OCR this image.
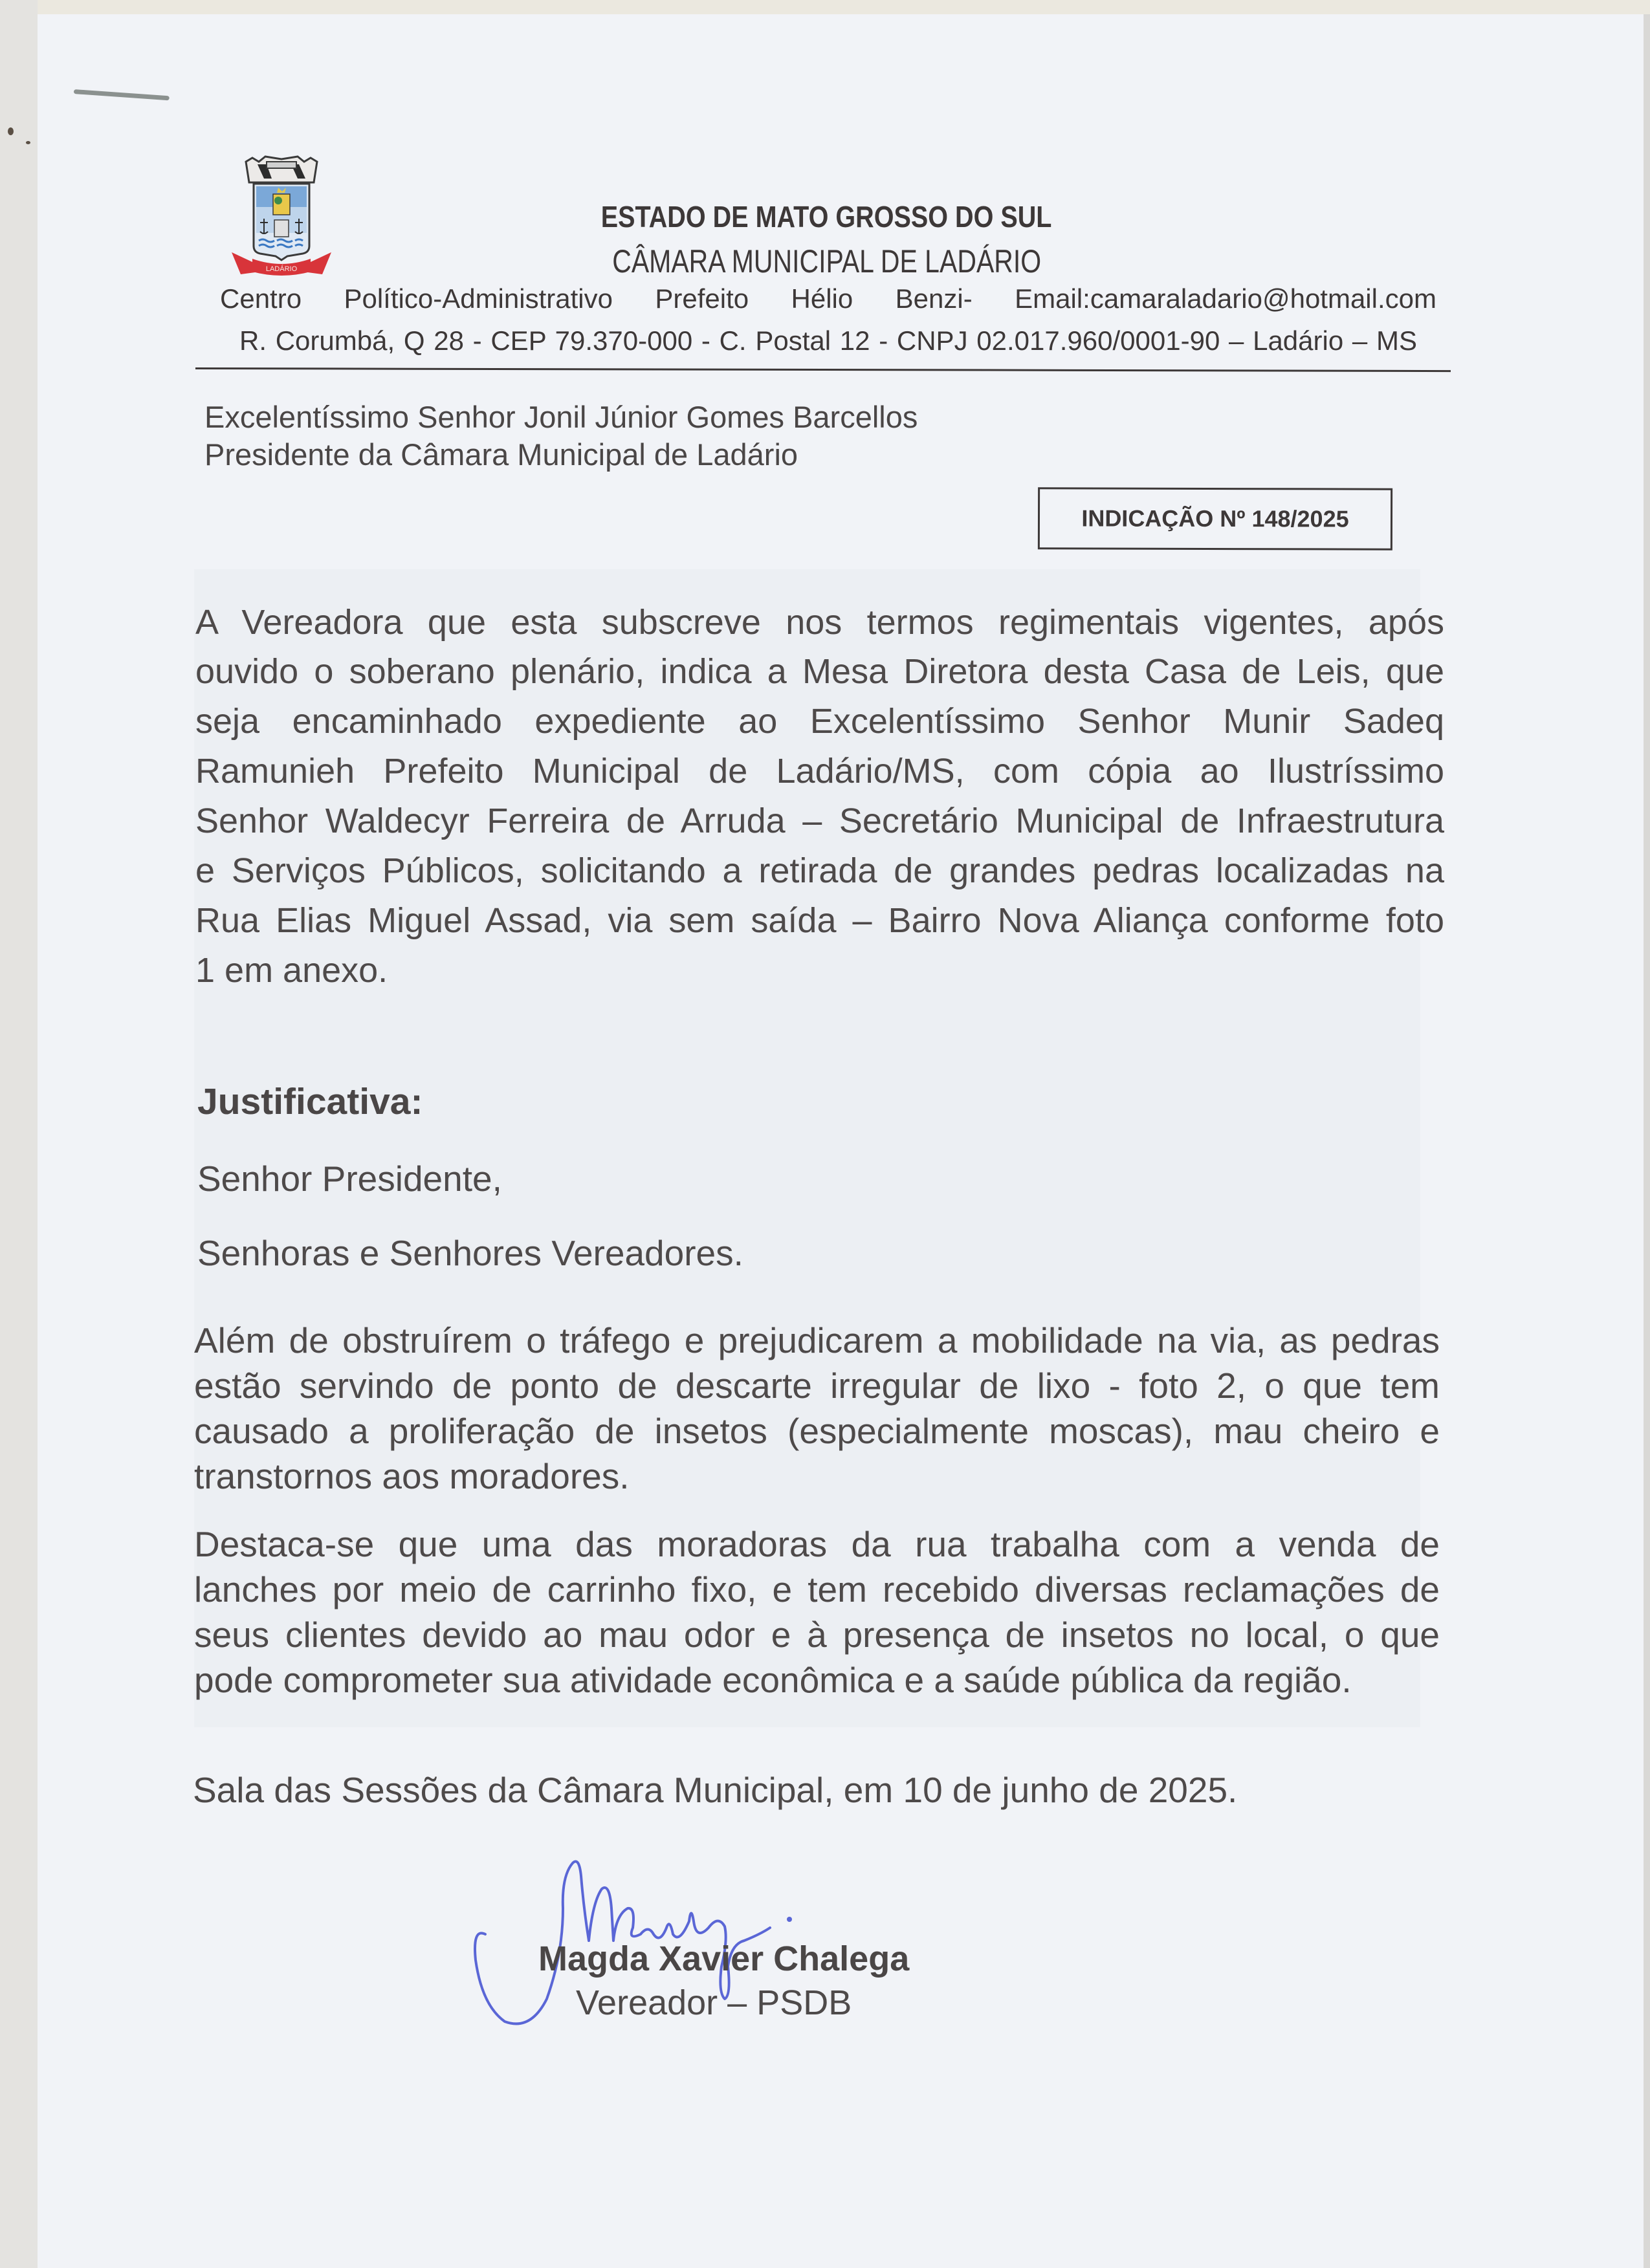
LADÁRIO
ESTADO DE MATO GROSSO DO SUL
CÂMARA MUNICIPAL DE LADÁRIO
Centro Político-Administrativo Prefeito Hélio Benzi- Email:camaraladario@hotmail.com
R. Corumbá, Q 28 - CEP 79.370-000 - C. Postal 12 - CNPJ 02.017.960/0001-90 – Ladário – MS
Excelentíssimo Senhor Jonil Júnior Gomes Barcellos
Presidente da Câmara Municipal de Ladário
INDICAÇÃO Nº 148/2025
A Vereadora que esta subscreve nos termos regimentais vigentes, após
ouvido o soberano plenário, indica a Mesa Diretora desta Casa de Leis, que
seja encaminhado expediente ao Excelentíssimo Senhor Munir Sadeq
Ramunieh Prefeito Municipal de Ladário/MS, com cópia ao Ilustríssimo
Senhor Waldecyr Ferreira de Arruda – Secretário Municipal de Infraestrutura
e Serviços Públicos, solicitando a retirada de grandes pedras localizadas na
Rua Elias Miguel Assad, via sem saída – Bairro Nova Aliança conforme foto
1 em anexo.
Justificativa:
Senhor Presidente,
Senhoras e Senhores Vereadores.
Além de obstruírem o tráfego e prejudicarem a mobilidade na via, as pedras
estão servindo de ponto de descarte irregular de lixo - foto 2, o que tem
causado a proliferação de insetos (especialmente moscas), mau cheiro e
transtornos aos moradores.
Destaca-se que uma das moradoras da rua trabalha com a venda de
lanches por meio de carrinho fixo, e tem recebido diversas reclamações de
seus clientes devido ao mau odor e à presença de insetos no local, o que
pode comprometer sua atividade econômica e a saúde pública da região.
Sala das Sessões da Câmara Municipal, em 10 de junho de 2025.
Magda Xavier Chalega
Vereador – PSDB
